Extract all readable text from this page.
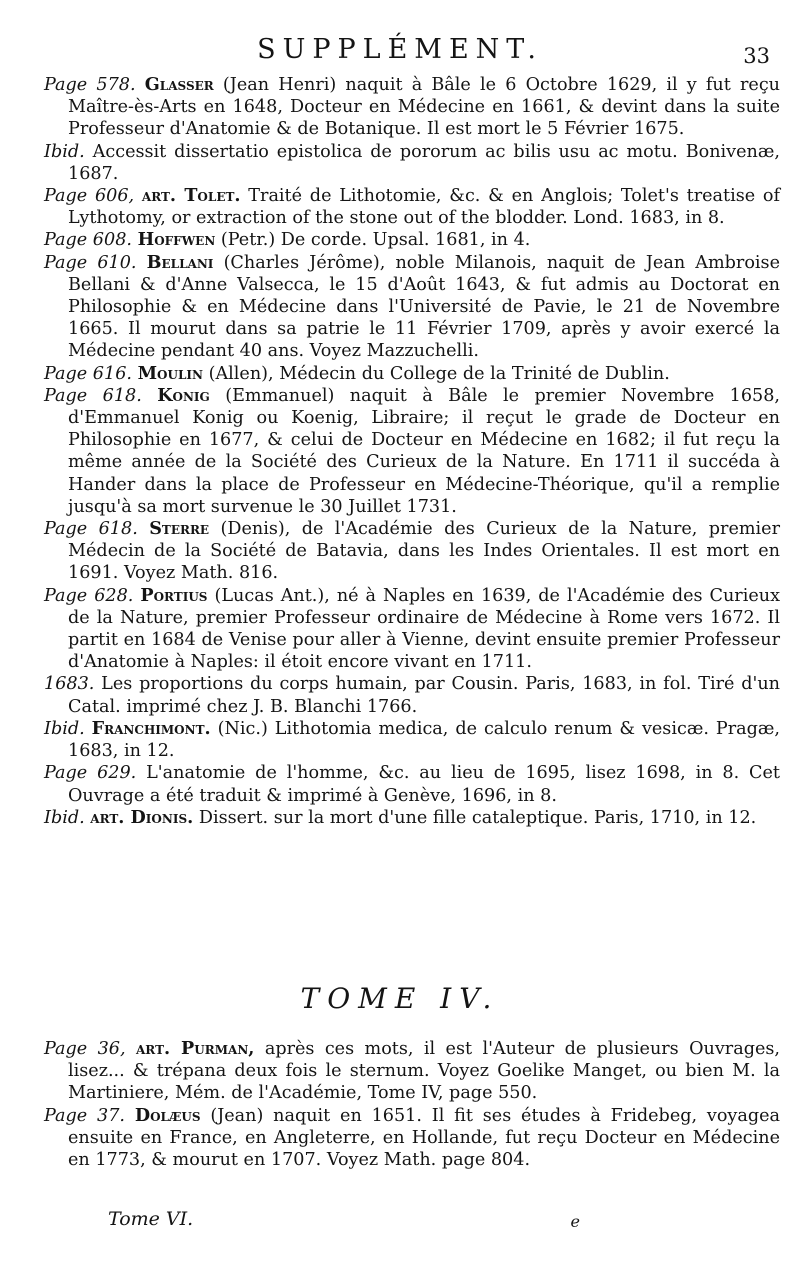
SUPPLÉMENT.	33

Page 578. Glasser (Jean Henri) naquit à Bâle le 6 Octobre 1629, il y fut reçu Maître-ès-Arts en 1648, Docteur en Médecine en 1661, & devint dans la suite Professeur d'Anatomie & de Botanique. Il est mort le 5 Février 1675.

Ibid. Accessit dissertatio epistolica de pororum ac bilis usu ac motu. Bonivenæ, 1687.

Page 606, art. Tolet. Traité de Lithotomie, &c. & en Anglois; Tolet's treatise of Lythotomy, or extraction of the stone out of the blodder. Lond. 1683, in 8.

Page 608. Hoffwen (Petr.) De corde. Upsal. 1681, in 4.

Page 610. Bellani (Charles Jérôme), noble Milanois, naquit de Jean Ambroise Bellani & d'Anne Valsecca, le 15 d'Août 1643, & fut admis au Doctorat en Philosophie & en Médecine dans l'Université de Pavie, le 21 de Novembre 1665. Il mourut dans sa patrie le 11 Février 1709, après y avoir exercé la Médecine pendant 40 ans. Voyez Mazzuchelli.

Page 616. Moulin (Allen), Médecin du College de la Trinité de Dublin.

Page 618. Konig (Emmanuel) naquit à Bâle le premier Novembre 1658, d'Emmanuel Konig ou Koenig, Libraire; il reçut le grade de Docteur en Philosophie en 1677, & celui de Docteur en Médecine en 1682; il fut reçu la même année de la Société des Curieux de la Nature. En 1711 il succéda à Hander dans la place de Professeur en Médecine-Théorique, qu'il a remplie jusqu'à sa mort survenue le 30 Juillet 1731.

Page 618. Sterre (Denis), de l'Académie des Curieux de la Nature, premier Médecin de la Société de Batavia, dans les Indes Orientales. Il est mort en 1691. Voyez Math. 816.

Page 628. Portius (Lucas Ant.), né à Naples en 1639, de l'Académie des Curieux de la Nature, premier Professeur ordinaire de Médecine à Rome vers 1672. Il partit en 1684 de Venise pour aller à Vienne, devint ensuite premier Professeur d'Anatomie à Naples: il étoit encore vivant en 1711.

1683. Les proportions du corps humain, par Cousin. Paris, 1683, in fol. Tiré d'un Catal. imprimé chez J. B. Blanchi 1766.

Ibid. Franchimont. (Nic.) Lithotomia medica, de calculo renum & vesicæ. Pragæ, 1683, in 12.

Page 629. L'anatomie de l'homme, &c. au lieu de 1695, lisez 1698, in 8. Cet Ouvrage a été traduit & imprimé à Genève, 1696, in 8.

Ibid. art. Dionis. Dissert. sur la mort d'une fille cataleptique. Paris, 1710, in 12.

TOME IV.

Page 36, art. Purman, après ces mots, il est l'Auteur de plusieurs Ouvrages, lisez... & trépana deux fois le sternum. Voyez Goelike Manget, ou bien M. la Martiniere, Mém. de l'Académie, Tome IV, page 550.

Page 37. Dolæus (Jean) naquit en 1651. Il fit ses études à Fridebeg, voyagea ensuite en France, en Angleterre, en Hollande, fut reçu Docteur en Médecine en 1773, & mourut en 1707. Voyez Math. page 804.

Tome VI.	e
